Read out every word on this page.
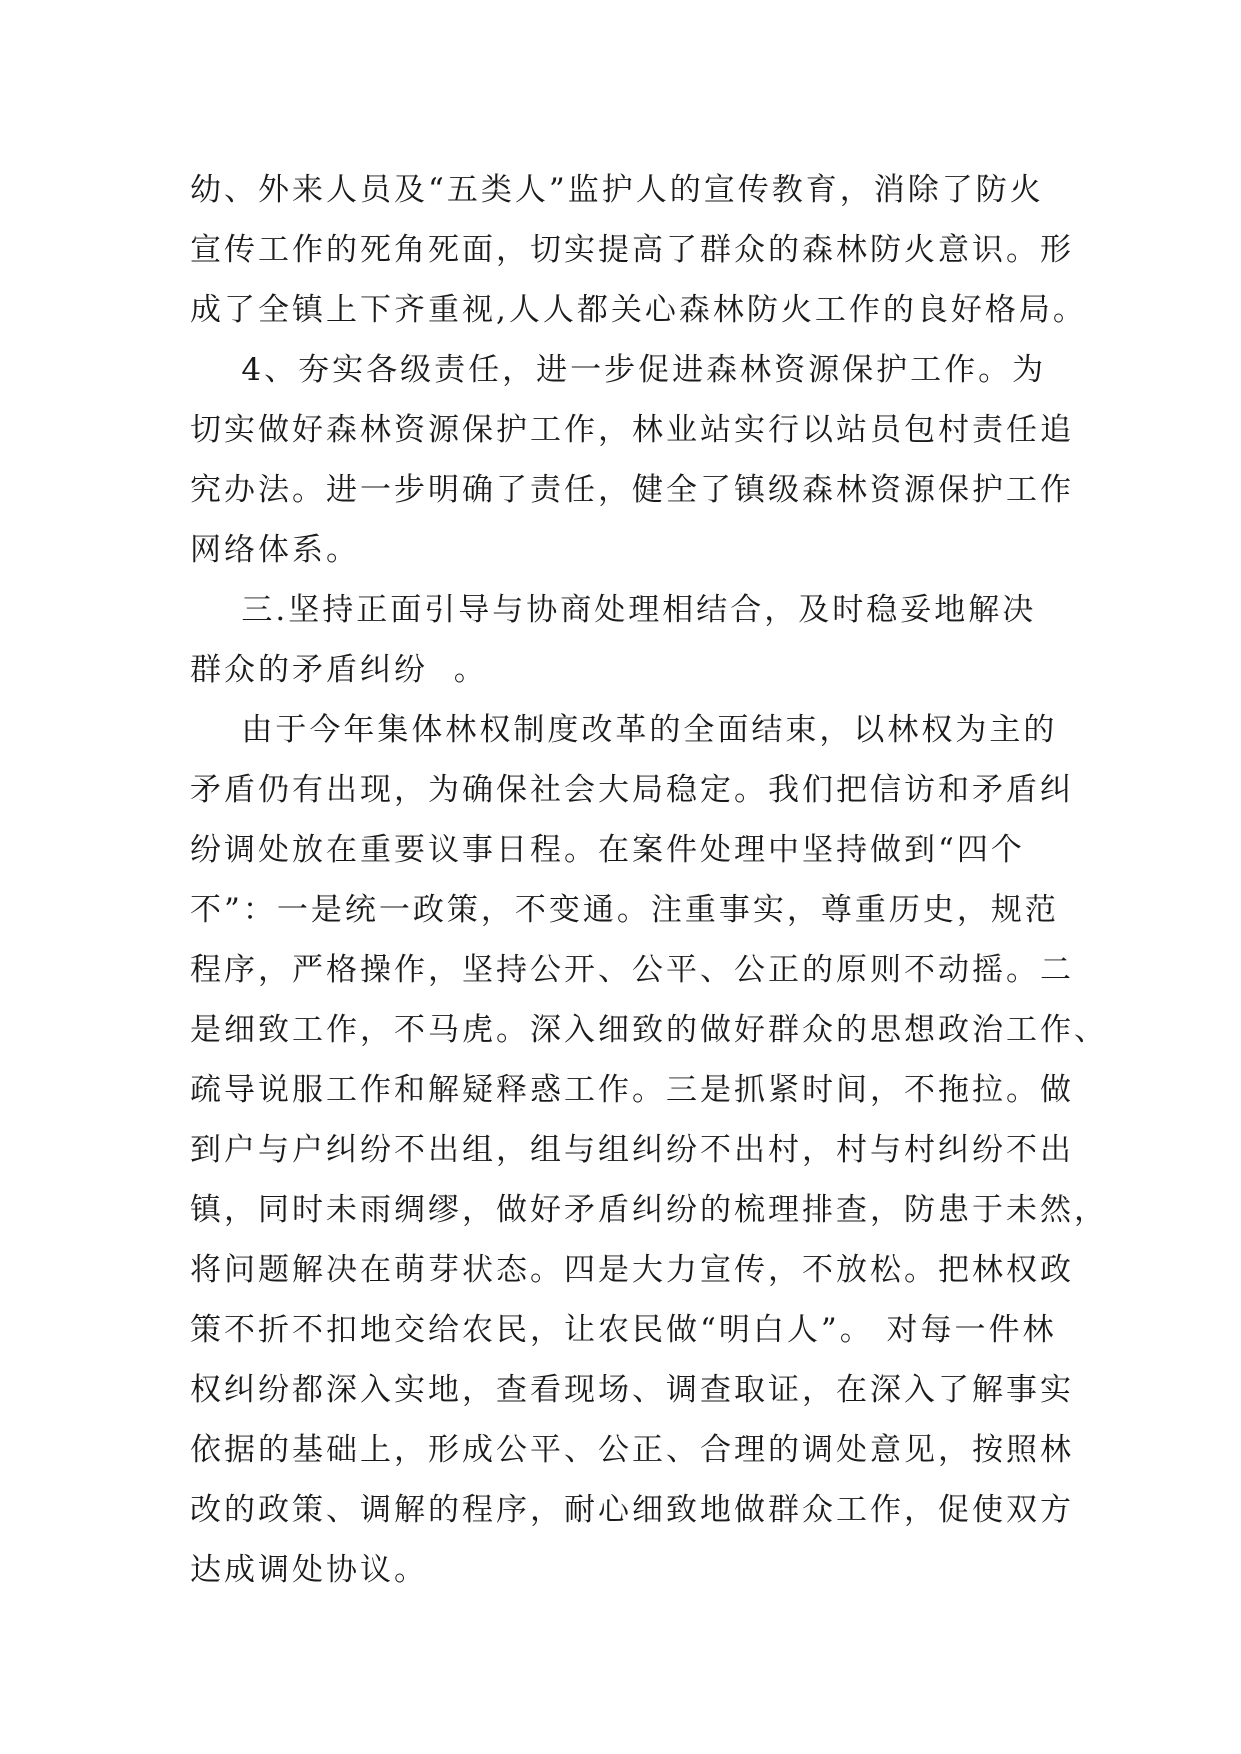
幼、外来人员及“五类人”监护人的宣传教育，消除了防火
宣传工作的死角死面，切实提高了群众的森林防火意识。形
成了全镇上下齐重视,人人都关心森林防火工作的良好格局。
4、夯实各级责任，进一步促进森林资源保护工作。为
切实做好森林资源保护工作，林业站实行以站员包村责任追
究办法。进一步明确了责任，健全了镇级森林资源保护工作
网络体系。
三.坚持正面引导与协商处理相结合，及时稳妥地解决
群众的矛盾纠纷  。
由于今年集体林权制度改革的全面结束，以林权为主的
矛盾仍有出现，为确保社会大局稳定。我们把信访和矛盾纠
纷调处放在重要议事日程。在案件处理中坚持做到“四个
不”：一是统一政策，不变通。注重事实，尊重历史，规范
程序，严格操作，坚持公开、公平、公正的原则不动摇。二
是细致工作，不马虎。深入细致的做好群众的思想政治工作、
疏导说服工作和解疑释惑工作。三是抓紧时间，不拖拉。做
到户与户纠纷不出组，组与组纠纷不出村，村与村纠纷不出
镇，同时未雨绸缪，做好矛盾纠纷的梳理排查，防患于未然，
将问题解决在萌芽状态。四是大力宣传，不放松。把林权政
策不折不扣地交给农民，让农民做“明白人”。 对每一件林
权纠纷都深入实地，查看现场、调查取证，在深入了解事实
依据的基础上，形成公平、公正、合理的调处意见，按照林
改的政策、调解的程序，耐心细致地做群众工作，促使双方
达成调处协议。
